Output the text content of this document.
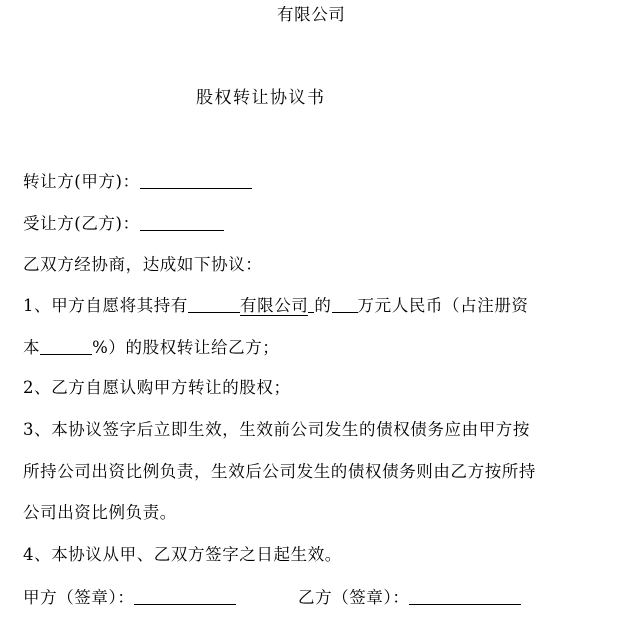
有限公司
股权转让协议书
转让方(甲方)：
受让方(乙方)：
乙双方经协商，达成如下协议：
1、甲方自愿将其持有	有限公司 的 万元人民币（占注册资
本	%）的股权转让给乙方；
2、乙方自愿认购甲方转让的股权；
3、本协议签字后立即生效，生效前公司发生的债权债务应由甲方按
所持公司出资比例负责，生效后公司发生的债权债务则由乙方按所持
公司出资比例负责。
4、本协议从甲、乙双方签字之日起生效。
甲方（签章）：	乙方（签章）：
